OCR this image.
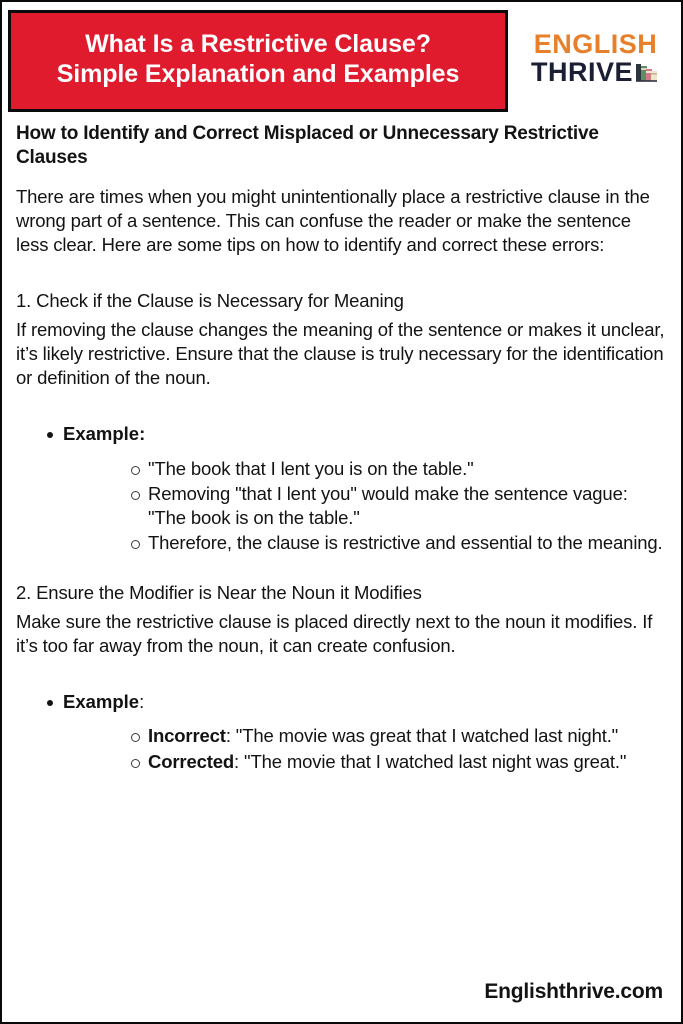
What Is a Restrictive Clause?
Simple Explanation and Examples
ENGLISH
THRIVE
How to Identify and Correct Misplaced or Unnecessary Restrictive Clauses

There are times when you might unintentionally place a restrictive clause in the wrong part of a sentence. This can confuse the reader or make the sentence less clear. Here are some tips on how to identify and correct these errors:

1. Check if the Clause is Necessary for Meaning

If removing the clause changes the meaning of the sentence or makes it unclear, it’s likely restrictive. Ensure that the clause is truly necessary for the identification or definition of the noun.

Example:
"The book that I lent you is on the table."
Removing "that I lent you" would make the sentence vague: "The book is on the table."
Therefore, the clause is restrictive and essential to the meaning.

2. Ensure the Modifier is Near the Noun it Modifies

Make sure the restrictive clause is placed directly next to the noun it modifies. If it’s too far away from the noun, it can create confusion.

Example:
Incorrect: "The movie was great that I watched last night."
Corrected: "The movie that I watched last night was great."
Englishthrive.com
